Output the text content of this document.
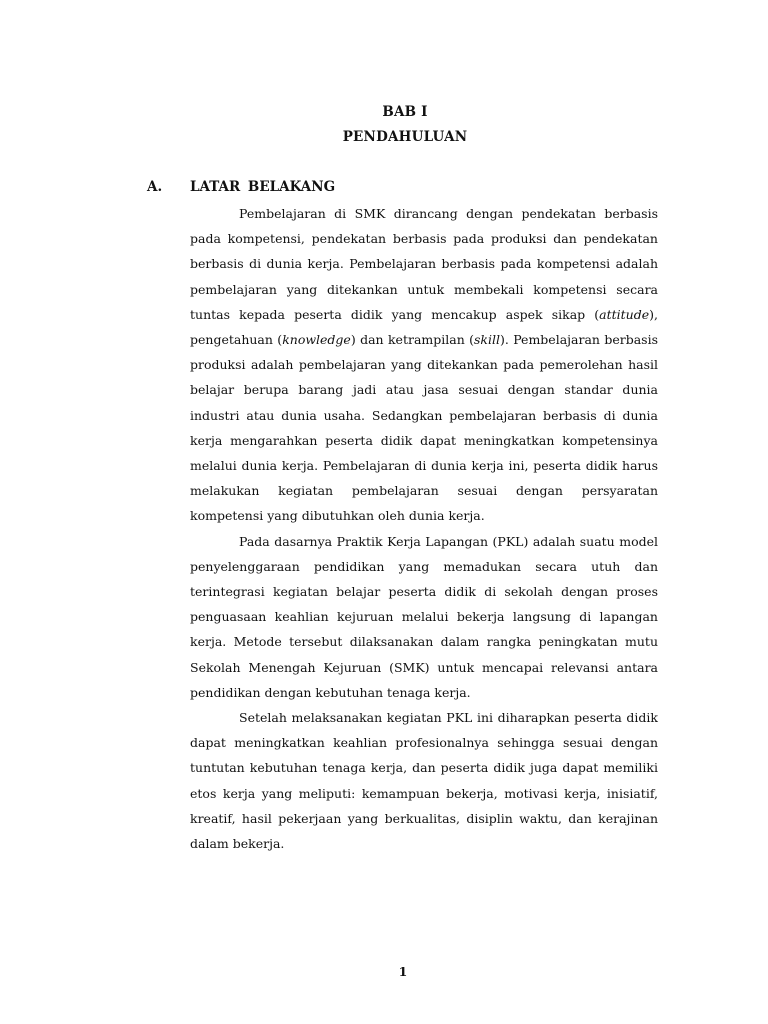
BAB I
PENDAHULUAN
A. LATAR BELAKANG

Pembelajaran di SMK dirancang dengan pendekatan berbasis pada kompetensi, pendekatan berbasis pada produksi dan pendekatan berbasis di dunia kerja. Pembelajaran berbasis pada kompetensi adalah pembelajaran yang ditekankan untuk membekali kompetensi secara tuntas kepada peserta didik yang mencakup aspek sikap (attitude), pengetahuan (knowledge) dan ketrampilan (skill). Pembelajaran berbasis produksi adalah pembelajaran yang ditekankan pada pemerolehan hasil belajar berupa barang jadi atau jasa sesuai dengan standar dunia industri atau dunia usaha. Sedangkan pembelajaran berbasis di dunia kerja mengarahkan peserta didik dapat meningkatkan kompetensinya melalui dunia kerja. Pembelajaran di dunia kerja ini, peserta didik harus melakukan kegiatan pembelajaran sesuai dengan persyaratan kompetensi yang dibutuhkan oleh dunia kerja.

Pada dasarnya Praktik Kerja Lapangan (PKL) adalah suatu model penyelenggaraan pendidikan yang memadukan secara utuh dan terintegrasi kegiatan belajar peserta didik di sekolah dengan proses penguasaan keahlian kejuruan melalui bekerja langsung di lapangan kerja. Metode tersebut dilaksanakan dalam rangka peningkatan mutu Sekolah Menengah Kejuruan (SMK) untuk mencapai relevansi antara pendidikan dengan kebutuhan tenaga kerja.

Setelah melaksanakan kegiatan PKL ini diharapkan peserta didik dapat meningkatkan keahlian profesionalnya sehingga sesuai dengan tuntutan kebutuhan tenaga kerja, dan peserta didik juga dapat memiliki etos kerja yang meliputi: kemampuan bekerja, motivasi kerja, inisiatif, kreatif, hasil pekerjaan yang berkualitas, disiplin waktu, dan kerajinan dalam bekerja.

1
